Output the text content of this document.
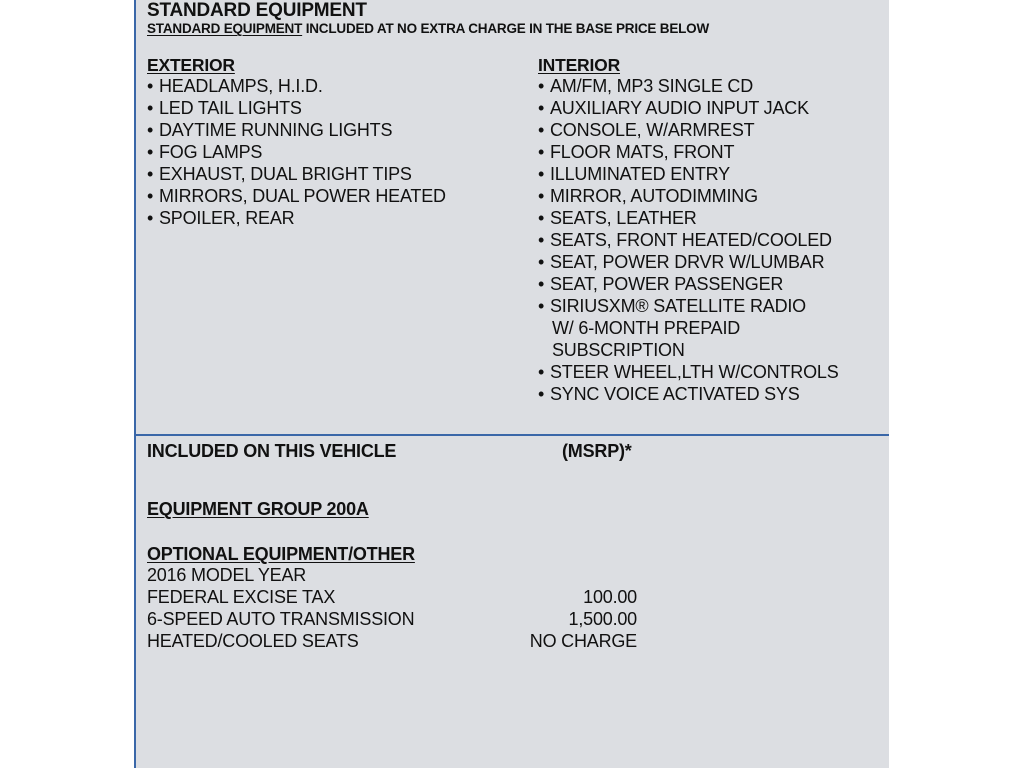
STANDARD EQUIPMENT
STANDARD EQUIPMENT INCLUDED AT NO EXTRA CHARGE IN THE BASE PRICE BELOW
EXTERIOR
• HEADLAMPS, H.I.D.
• LED TAIL LIGHTS
• DAYTIME RUNNING LIGHTS
• FOG LAMPS
• EXHAUST, DUAL BRIGHT TIPS
• MIRRORS, DUAL POWER HEATED
• SPOILER, REAR
INTERIOR
• AM/FM, MP3 SINGLE CD
• AUXILIARY AUDIO INPUT JACK
• CONSOLE, W/ARMREST
• FLOOR MATS, FRONT
• ILLUMINATED ENTRY
• MIRROR, AUTODIMMING
• SEATS, LEATHER
• SEATS, FRONT HEATED/COOLED
• SEAT, POWER DRVR W/LUMBAR
• SEAT, POWER PASSENGER
• SIRIUSXM® SATELLITE RADIO
W/ 6-MONTH PREPAID
SUBSCRIPTION
• STEER WHEEL,LTH W/CONTROLS
• SYNC VOICE ACTIVATED SYS
INCLUDED ON THIS VEHICLE	(MSRP)*
EQUIPMENT GROUP 200A
OPTIONAL EQUIPMENT/OTHER
2016 MODEL YEAR
FEDERAL EXCISE TAX	100.00
6-SPEED AUTO TRANSMISSION	1,500.00
HEATED/COOLED SEATS	NO CHARGE
